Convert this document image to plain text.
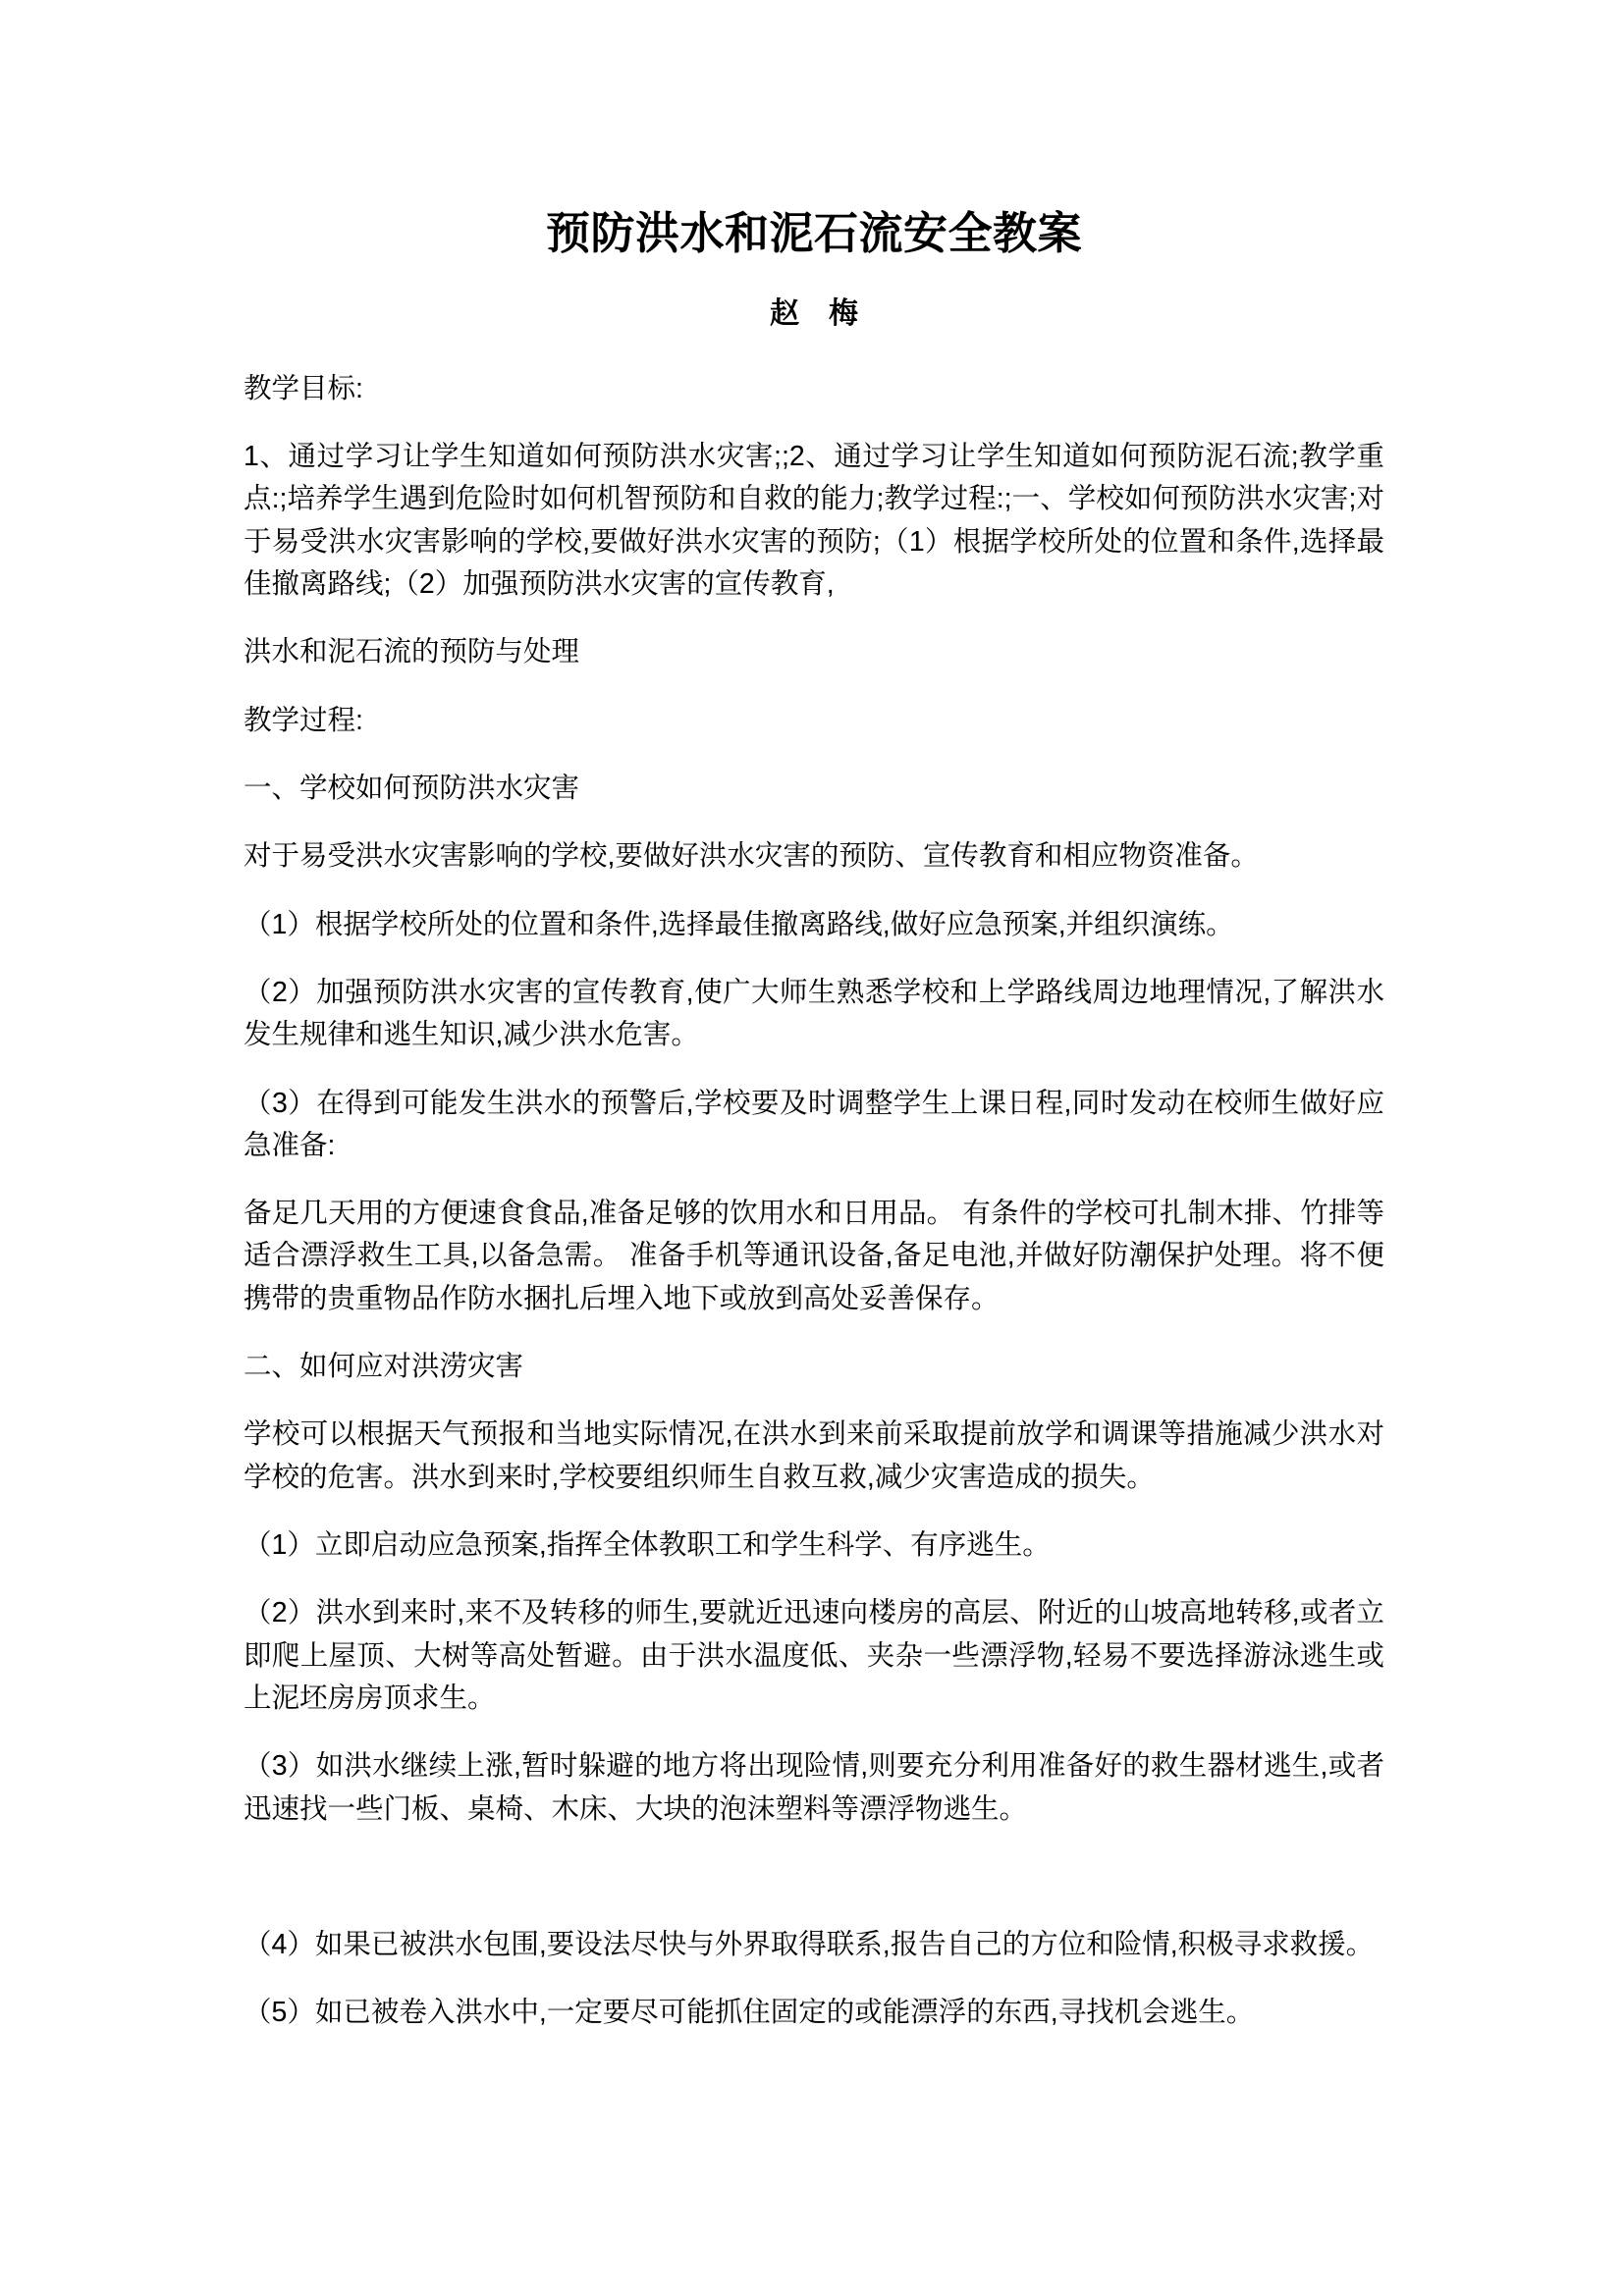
预防洪水和泥石流安全教案
赵　梅

教学目标:

1、通过学习让学生知道如何预防洪水灾害;;2、通过学习让学生知道如何预防泥石流;教学重点:;培养学生遇到危险时如何机智预防和自救的能力;教学过程:;一、学校如何预防洪水灾害;对于易受洪水灾害影响的学校,要做好洪水灾害的预防;（1）根据学校所处的位置和条件,选择最佳撤离路线;（2）加强预防洪水灾害的宣传教育,

洪水和泥石流的预防与处理

教学过程:

一、学校如何预防洪水灾害

对于易受洪水灾害影响的学校,要做好洪水灾害的预防、宣传教育和相应物资准备。

（1）根据学校所处的位置和条件,选择最佳撤离路线,做好应急预案,并组织演练。

（2）加强预防洪水灾害的宣传教育,使广大师生熟悉学校和上学路线周边地理情况,了解洪水发生规律和逃生知识,减少洪水危害。

（3）在得到可能发生洪水的预警后,学校要及时调整学生上课日程,同时发动在校师生做好应急准备:

备足几天用的方便速食食品,准备足够的饮用水和日用品。 有条件的学校可扎制木排、竹排等适合漂浮救生工具,以备急需。 准备手机等通讯设备,备足电池,并做好防潮保护处理。将不便携带的贵重物品作防水捆扎后埋入地下或放到高处妥善保存。

二、如何应对洪涝灾害

学校可以根据天气预报和当地实际情况,在洪水到来前采取提前放学和调课等措施减少洪水对学校的危害。洪水到来时,学校要组织师生自救互救,减少灾害造成的损失。

（1）立即启动应急预案,指挥全体教职工和学生科学、有序逃生。

（2）洪水到来时,来不及转移的师生,要就近迅速向楼房的高层、附近的山坡高地转移,或者立即爬上屋顶、大树等高处暂避。由于洪水温度低、夹杂一些漂浮物,轻易不要选择游泳逃生或上泥坯房房顶求生。

（3）如洪水继续上涨,暂时躲避的地方将出现险情,则要充分利用准备好的救生器材逃生,或者迅速找一些门板、桌椅、木床、大块的泡沫塑料等漂浮物逃生。

（4）如果已被洪水包围,要设法尽快与外界取得联系,报告自己的方位和险情,积极寻求救援。

（5）如已被卷入洪水中,一定要尽可能抓住固定的或能漂浮的东西,寻找机会逃生。
